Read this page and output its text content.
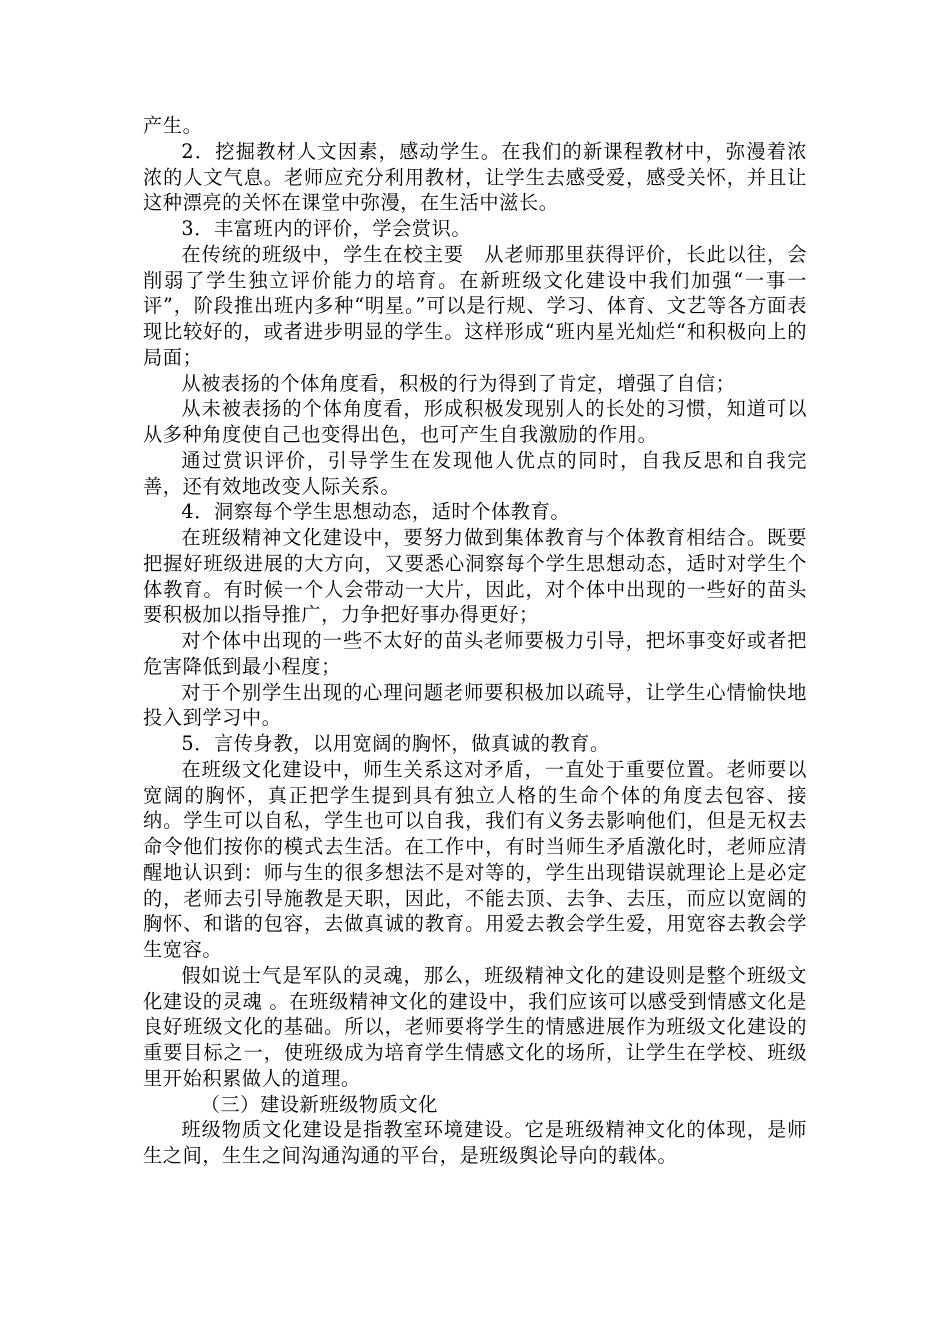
产生。

2．挖掘教材人文因素，感动学生。在我们的新课程教材中，弥漫着浓浓的人文气息。老师应充分利用教材，让学生去感受爱，感受关怀，并且让这种漂亮的关怀在课堂中弥漫，在生活中滋长。

3．丰富班内的评价，学会赏识。

在传统的班级中，学生在校主要　从老师那里获得评价，长此以往，会削弱了学生独立评价能力的培育。在新班级文化建设中我们加强“一事一评”，阶段推出班内多种“明星。”可以是行规、学习、体育、文艺等各方面表现比较好的，或者进步明显的学生。这样形成“班内星光灿烂“和积极向上的局面；

从被表扬的个体角度看，积极的行为得到了肯定，增强了自信；

从未被表扬的个体角度看，形成积极发现别人的长处的习惯，知道可以从多种角度使自己也变得出色，也可产生自我激励的作用。

通过赏识评价，引导学生在发现他人优点的同时，自我反思和自我完善，还有效地改变人际关系。

4．洞察每个学生思想动态，适时个体教育。

在班级精神文化建设中，要努力做到集体教育与个体教育相结合。既要把握好班级进展的大方向，又要悉心洞察每个学生思想动态，适时对学生个体教育。有时候一个人会带动一大片，因此，对个体中出现的一些好的苗头要积极加以指导推广，力争把好事办得更好；

对个体中出现的一些不太好的苗头老师要极力引导，把坏事变好或者把危害降低到最小程度；

对于个别学生出现的心理问题老师要积极加以疏导，让学生心情愉快地投入到学习中。

5．言传身教，以用宽阔的胸怀，做真诚的教育。

在班级文化建设中，师生关系这对矛盾，一直处于重要位置。老师要以宽阔的胸怀，真正把学生提到具有独立人格的生命个体的角度去包容、接纳。学生可以自私，学生也可以自我，我们有义务去影响他们，但是无权去命令他们按你的模式去生活。在工作中，有时当师生矛盾激化时，老师应清醒地认识到：师与生的很多想法不是对等的，学生出现错误就理论上是必定的，老师去引导施教是天职，因此，不能去顶、去争、去压，而应以宽阔的胸怀、和谐的包容，去做真诚的教育。用爱去教会学生爱，用宽容去教会学生宽容。

假如说士气是军队的灵魂，那么，班级精神文化的建设则是整个班级文化建设的灵魂 。在班级精神文化的建设中，我们应该可以感受到情感文化是良好班级文化的基础。所以，老师要将学生的情感进展作为班级文化建设的重要目标之一，使班级成为培育学生情感文化的场所，让学生在学校、班级里开始积累做人的道理。

（三）建设新班级物质文化

班级物质文化建设是指教室环境建设。它是班级精神文化的体现，是师生之间，生生之间沟通沟通的平台，是班级舆论导向的载体。
